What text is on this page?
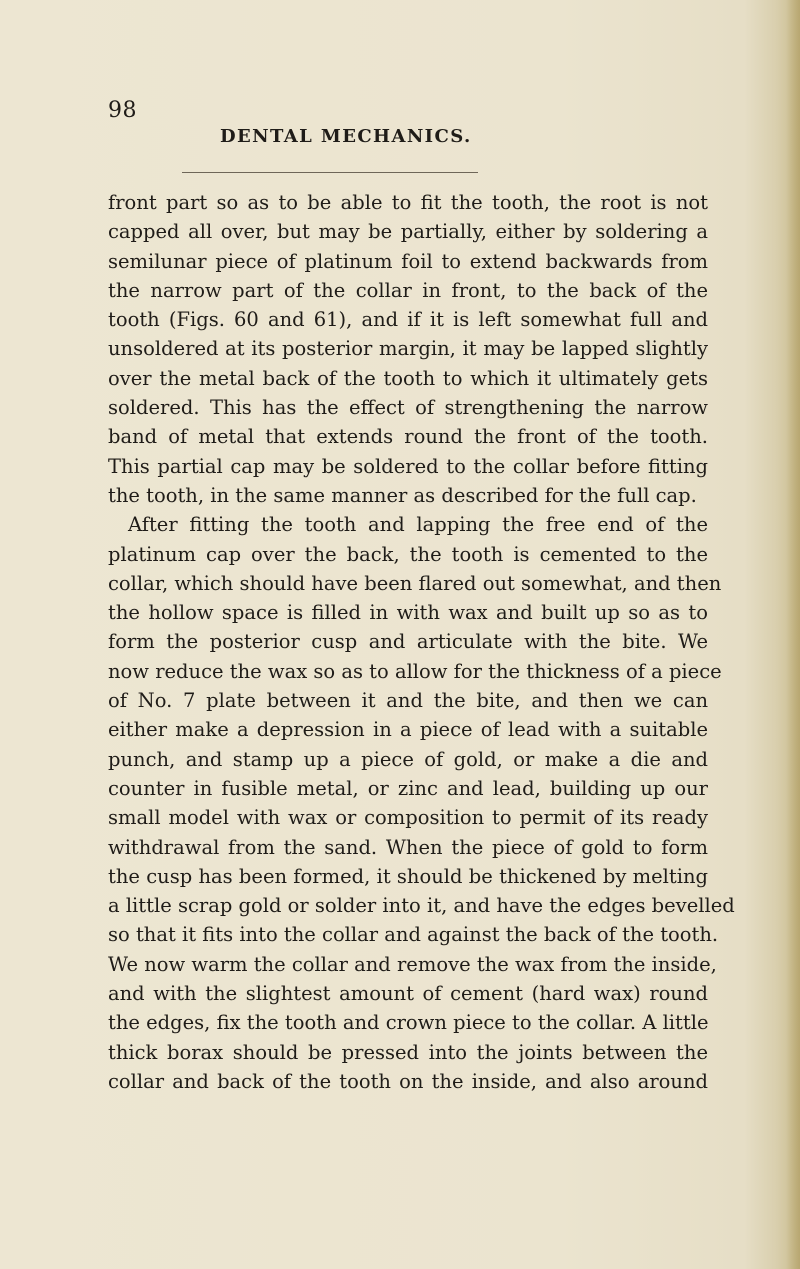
98
DENTAL MECHANICS.
front part so as to be able to fit the tooth, the root is not
capped all over, but may be partially, either by soldering a
semilunar piece of platinum foil to extend backwards from
the narrow part of the collar in front, to the back of the
tooth (Figs. 60 and 61), and if it is left somewhat full and
unsoldered at its posterior margin, it may be lapped slightly
over the metal back of the tooth to which it ultimately gets
soldered. This has the effect of strengthening the narrow
band of metal that extends round the front of the tooth.
This partial cap may be soldered to the collar before fitting
the tooth, in the same manner as described for the full cap.
After fitting the tooth and lapping the free end of the
platinum cap over the back, the tooth is cemented to the
collar, which should have been flared out somewhat, and then
the hollow space is filled in with wax and built up so as to
form the posterior cusp and articulate with the bite. We
now reduce the wax so as to allow for the thickness of a piece
of No. 7 plate between it and the bite, and then we can
either make a depression in a piece of lead with a suitable
punch, and stamp up a piece of gold, or make a die and
counter in fusible metal, or zinc and lead, building up our
small model with wax or composition to permit of its ready
withdrawal from the sand. When the piece of gold to form
the cusp has been formed, it should be thickened by melting
a little scrap gold or solder into it, and have the edges bevelled
so that it fits into the collar and against the back of the tooth.
We now warm the collar and remove the wax from the inside,
and with the slightest amount of cement (hard wax) round
the edges, fix the tooth and crown piece to the collar. A little
thick borax should be pressed into the joints between the
collar and back of the tooth on the inside, and also around
